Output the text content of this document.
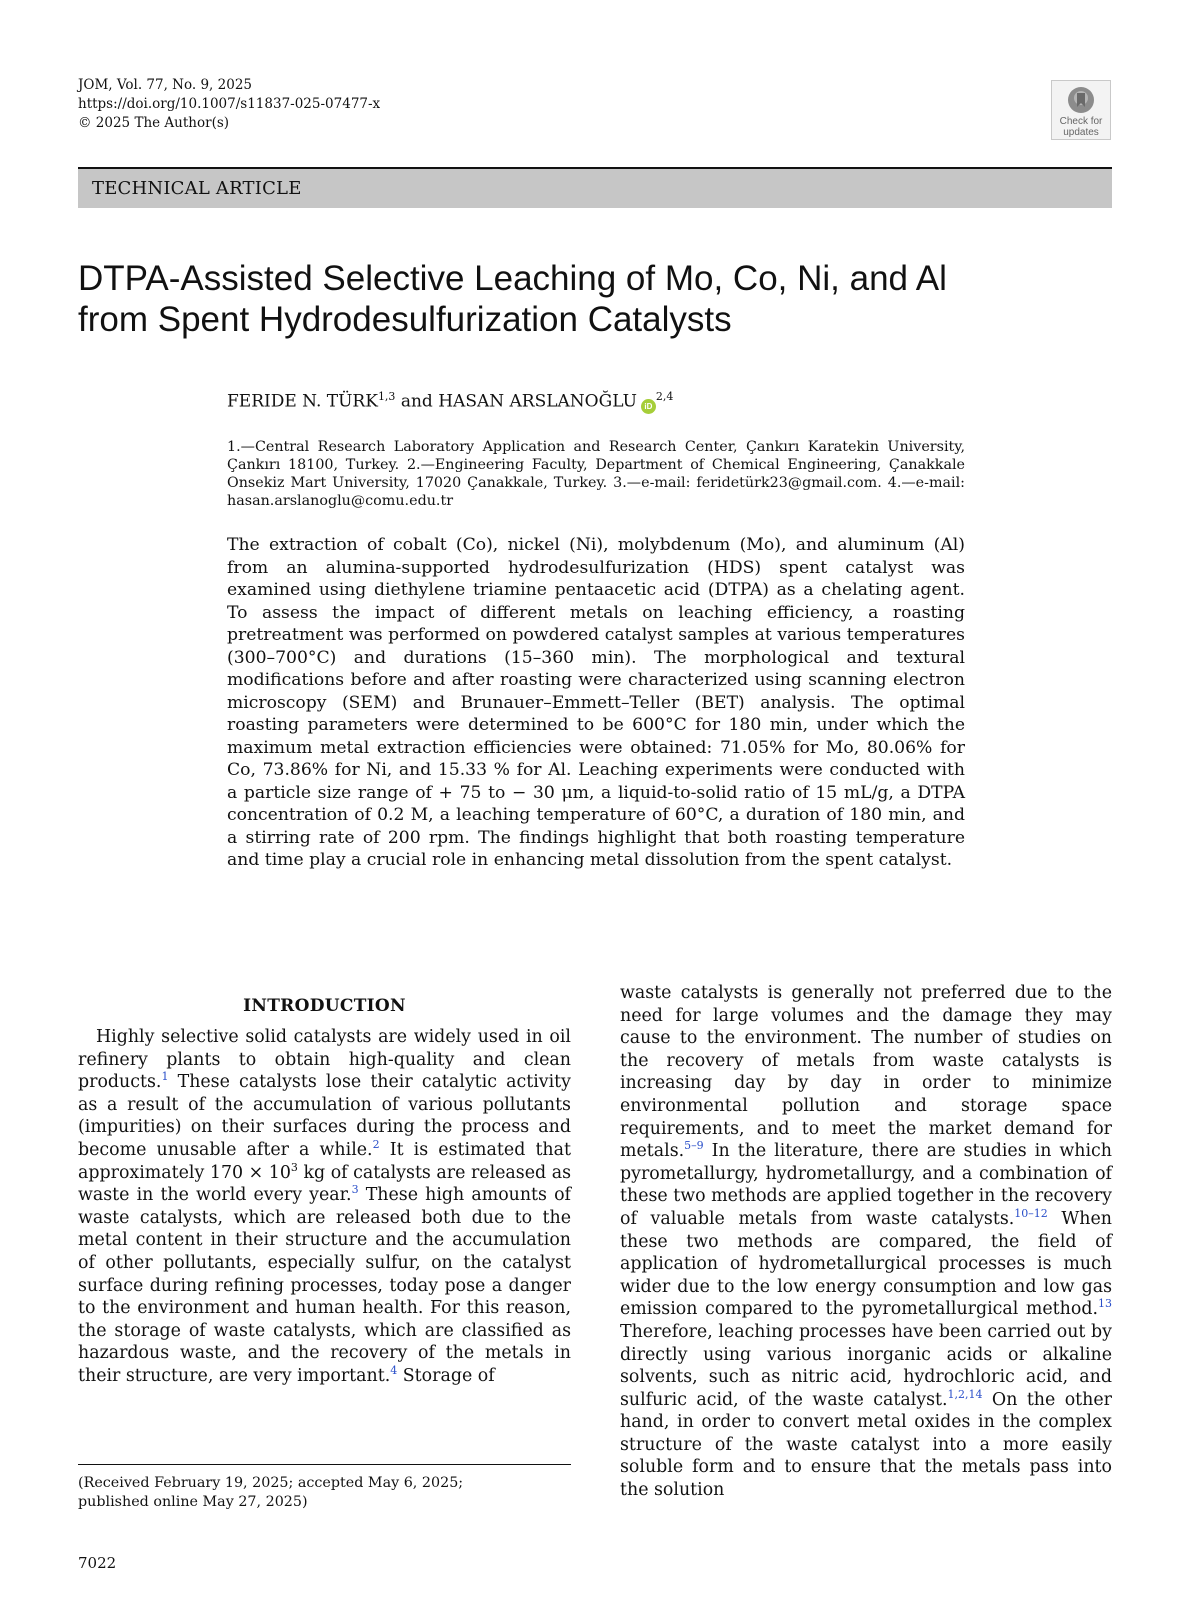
JOM, Vol. 77, No. 9, 2025
https://doi.org/10.1007/s11837-025-07477-x
© 2025 The Author(s)	Check for
updates
TECHNICAL ARTICLE
DTPA-Assisted Selective Leaching of Mo, Co, Ni, and Al
from Spent Hydrodesulfurization Catalysts
FERIDE N. TÜRK$^{1,3}$ and HASAN ARSLANOĞLU iD$^{2,4}$
1.—Central Research Laboratory Application and Research Center, Çankırı Karatekin University, Çankırı 18100, Turkey. 2.—Engineering Faculty, Department of Chemical Engineering, Çanakkale Onsekiz Mart University, 17020 Çanakkale, Turkey. 3.—e-mail: feridetürk23@gmail.com. 4.—e-mail: hasan.arslanoglu@comu.edu.tr

The extraction of cobalt (Co), nickel (Ni), molybdenum (Mo), and aluminum (Al) from an alumina-supported hydrodesulfurization (HDS) spent catalyst was examined using diethylene triamine pentaacetic acid (DTPA) as a chelating agent. To assess the impact of different metals on leaching efficiency, a roasting pretreatment was performed on powdered catalyst samples at various temperatures (300–700°C) and durations (15–360 min). The morphological and textural modifications before and after roasting were characterized using scanning electron microscopy (SEM) and Brunauer–Emmett–Teller (BET) analysis. The optimal roasting parameters were determined to be 600°C for 180 min, under which the maximum metal extraction efficiencies were obtained: 71.05% for Mo, 80.06% for Co, 73.86% for Ni, and 15.33 % for Al. Leaching experiments were conducted with a particle size range of + 75 to − 30 μm, a liquid-to-solid ratio of 15 mL/g, a DTPA concentration of 0.2 M, a leaching temperature of 60°C, a duration of 180 min, and a stirring rate of 200 rpm. The findings highlight that both roasting temperature and time play a crucial role in enhancing metal dissolution from the spent catalyst.

INTRODUCTION

Highly selective solid catalysts are widely used in oil refinery plants to obtain high-quality and clean products.$^1$ These catalysts lose their catalytic activity as a result of the accumulation of various pollutants (impurities) on their surfaces during the process and become unusable after a while.$^2$ It is estimated that approximately $170 \times 10^3$ kg of catalysts are released as waste in the world every year.$^3$ These high amounts of waste catalysts, which are released both due to the metal content in their structure and the accumulation of other pollutants, especially sulfur, on the catalyst surface during refining processes, today pose a danger to the environment and human health. For this reason, the storage of waste catalysts, which are classified as hazardous waste, and the recovery of the metals in their structure, are very important.$^4$ Storage of

waste catalysts is generally not preferred due to the need for large volumes and the damage they may cause to the environment. The number of studies on the recovery of metals from waste catalysts is increasing day by day in order to minimize environmental pollution and storage space requirements, and to meet the market demand for metals.$^{5-9}$ In the literature, there are studies in which pyrometallurgy, hydrometallurgy, and a combination of these two methods are applied together in the recovery of valuable metals from waste catalysts.$^{10-12}$ When these two methods are compared, the field of application of hydrometallurgical processes is much wider due to the low energy consumption and low gas emission compared to the pyrometallurgical method.$^{13}$ Therefore, leaching processes have been carried out by directly using various inorganic acids or alkaline solvents, such as nitric acid, hydrochloric acid, and sulfuric acid, of the waste catalyst.$^{1,2,14}$ On the other hand, in order to convert metal oxides in the complex structure of the waste catalyst into a more easily soluble form and to ensure that the metals pass into the solution

(Received February 19, 2025; accepted May 6, 2025;
published online May 27, 2025)
7022
